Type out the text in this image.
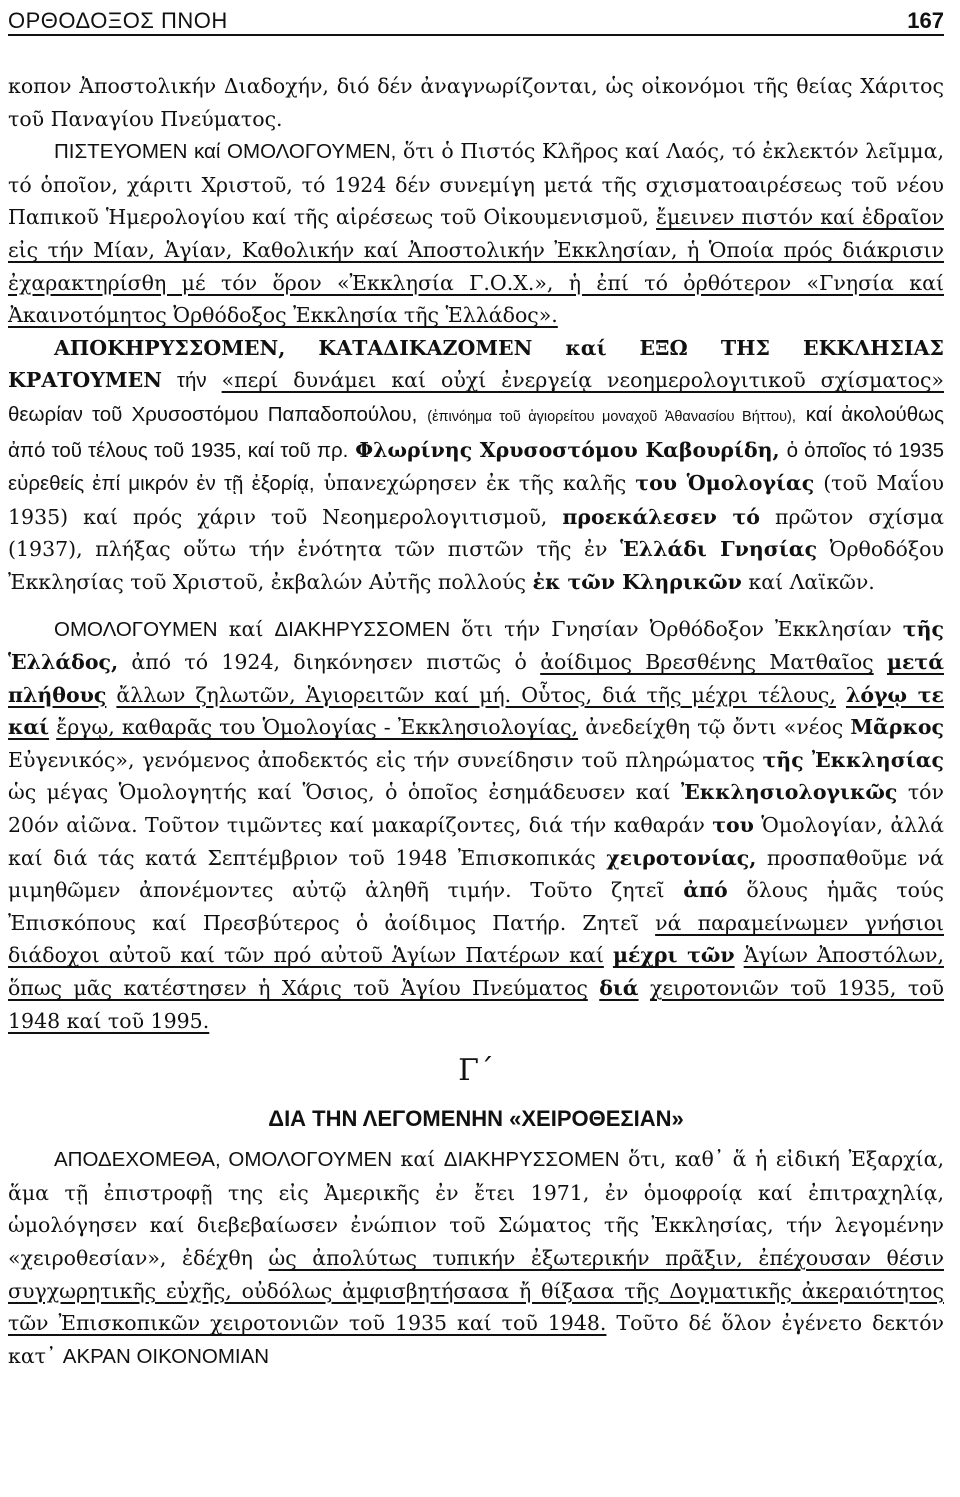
ΟΡΘΟΔΟΞΟΣ ΠΝΟΗ	167

κοπον Ἀποστολικήν Διαδοχήν, διό δέν ἀναγνωρίζονται, ὡς οἰκονόμοι τῆς θείας Χάριτος τοῦ Παναγίου Πνεύματος.

ΠΙΣΤΕΥΟΜΕΝ καί ΟΜΟΛΟΓΟΥΜΕΝ, ὅτι ὁ Πιστός Κλῆρος καί Λαός, τό ἐκλεκτόν λεῖμμα, τό ὁποῖον, χάριτι Χριστοῦ, τό 1924 δέν συνεμίγη μετά τῆς σχισματοαιρέσεως τοῦ νέου Παπικοῦ Ἡμερολογίου καί τῆς αἱρέσεως τοῦ Οἰκουμενισμοῦ, ἔμεινεν πιστόν καί ἑδραῖον εἰς τήν Μίαν, Ἁγίαν, Καθολικήν καί Ἀποστολικήν Ἐκκλησίαν, ἡ Ὁποία πρός διάκρισιν ἐχαρακτηρίσθη μέ τόν ὅρον «Ἐκκλησία Γ.Ο.Χ.», ἡ ἐπί τό ὀρθότερον «Γνησία καί Ἀκαινοτόμητος Ὀρθόδοξος Ἐκκλησία τῆς Ἑλλάδος».

ΑΠΟΚΗΡΥΣΣΟΜΕΝ, ΚΑΤΑΔΙΚΑΖΟΜΕΝ καί ΕΞΩ ΤΗΣ ΕΚΚΛΗΣΙΑΣ ΚΡΑΤΟΥΜΕΝ τήν «περί δυνάμει καί οὐχί ἐνεργείᾳ νεοημερολογιτικοῦ σχίσματος» θεωρίαν τοῦ Χρυσοστόμου Παπαδοπούλου, (ἐπινόημα τοῦ ἁγιορείτου μοναχοῦ Ἀθανασίου Βήττου), καί ἀκολούθως ἀπό τοῦ τέλους τοῦ 1935, καί τοῦ πρ. Φλωρίνης Χρυσοστόμου Καβουρίδη, ὁ ὁποῖος τό 1935 εὑρεθείς ἐπί μικρόν ἐν τῇ ἐξορίᾳ, ὑπανεχώρησεν ἐκ τῆς καλῆς του Ὁμολογίας (τοῦ Μαΐου 1935) καί πρός χάριν τοῦ Νεοημερολογιτισμοῦ, προεκάλεσεν τό πρῶτον σχίσμα (1937), πλήξας οὕτω τήν ἑνότητα τῶν πιστῶν τῆς ἐν Ἑλλάδι Γνησίας Ὀρθοδόξου Ἐκκλησίας τοῦ Χριστοῦ, ἐκβαλών Αὐτῆς πολλούς ἐκ τῶν Κληρικῶν καί Λαϊκῶν.

ΟΜΟΛΟΓΟΥΜΕΝ καί ΔΙΑΚΗΡΥΣΣΟΜΕΝ ὅτι τήν Γνησίαν Ὀρθόδοξον Ἐκκλησίαν τῆς Ἑλλάδος, ἀπό τό 1924, διηκόνησεν πιστῶς ὁ ἀοίδιμος Βρεσθένης Ματθαῖος μετά πλήθους ἄλλων ζηλωτῶν, Ἁγιορειτῶν καί μή. Οὗτος, διά τῆς μέχρι τέλους, λόγῳ τε καί ἔργῳ, καθαρᾶς του Ὁμολογίας - Ἐκκλησιολογίας, ἀνεδείχθη τῷ ὄντι «νέος Μᾶρκος Εὐγενικός», γενόμενος ἀποδεκτός εἰς τήν συνείδησιν τοῦ πληρώματος τῆς Ἐκκλησίας ὡς μέγας Ὁμολογητής καί Ὅσιος, ὁ ὁποῖος ἐσημάδευσεν καί Ἐκκλησιολογικῶς τόν 20όν αἰῶνα. Τοῦτον τιμῶντες καί μακαρίζοντες, διά τήν καθαράν του Ὁμολογίαν, ἀλλά καί διά τάς κατά Σεπτέμβριον τοῦ 1948 Ἐπισκοπικάς χειροτονίας, προσπαθοῦμε νά μιμηθῶμεν ἀπονέμοντες αὐτῷ ἀληθῆ τιμήν. Τοῦτο ζητεῖ ἀπό ὅλους ἡμᾶς τούς Ἐπισκόπους καί Πρεσβύτερος ὁ ἀοίδιμος Πατήρ. Ζητεῖ νά παραμείνωμεν γνήσιοι διάδοχοι αὐτοῦ καί τῶν πρό αὐτοῦ Ἁγίων Πατέρων καί μέχρι τῶν Ἁγίων Ἀποστόλων, ὅπως μᾶς κατέστησεν ἡ Χάρις τοῦ Ἁγίου Πνεύματος διά χειροτονιῶν τοῦ 1935, τοῦ 1948 καί τοῦ 1995.

Γ΄
ΔΙΑ ΤΗΝ ΛΕΓΟΜΕΝΗΝ «ΧΕΙΡΟΘΕΣΙΑΝ»

ΑΠΟΔΕΧΟΜΕΘΑ, ΟΜΟΛΟΓΟΥΜΕΝ καί ΔΙΑΚΗΡΥΣΣΟΜΕΝ ὅτι, καθ᾽ ἅ ἡ εἰδική Ἐξαρχία, ἅμα τῇ ἐπιστροφῇ της εἰς Ἀμερικῆς ἐν ἔτει 1971, ἐν ὁμοφροίᾳ καί ἐπιτραχηλίᾳ, ὡμολόγησεν καί διεβεβαίωσεν ἐνώπιον τοῦ Σώματος τῆς Ἐκκλησίας, τήν λεγομένην «χειροθεσίαν», ἐδέχθη ὡς ἀπολύτως τυπικήν ἐξωτερικήν πρᾶξιν, ἐπέχουσαν θέσιν συγχωρητικῆς εὐχῆς, οὐδόλως ἀμφισβητήσασα ἤ θίξασα τῆς Δογματικῆς ἀκεραιότητος τῶν Ἐπισκοπικῶν χειροτονιῶν τοῦ 1935 καί τοῦ 1948. Τοῦτο δέ ὅλον ἐγένετο δεκτόν κατ᾽ ΑΚΡΑΝ ΟΙΚΟΝΟΜΙΑΝ
